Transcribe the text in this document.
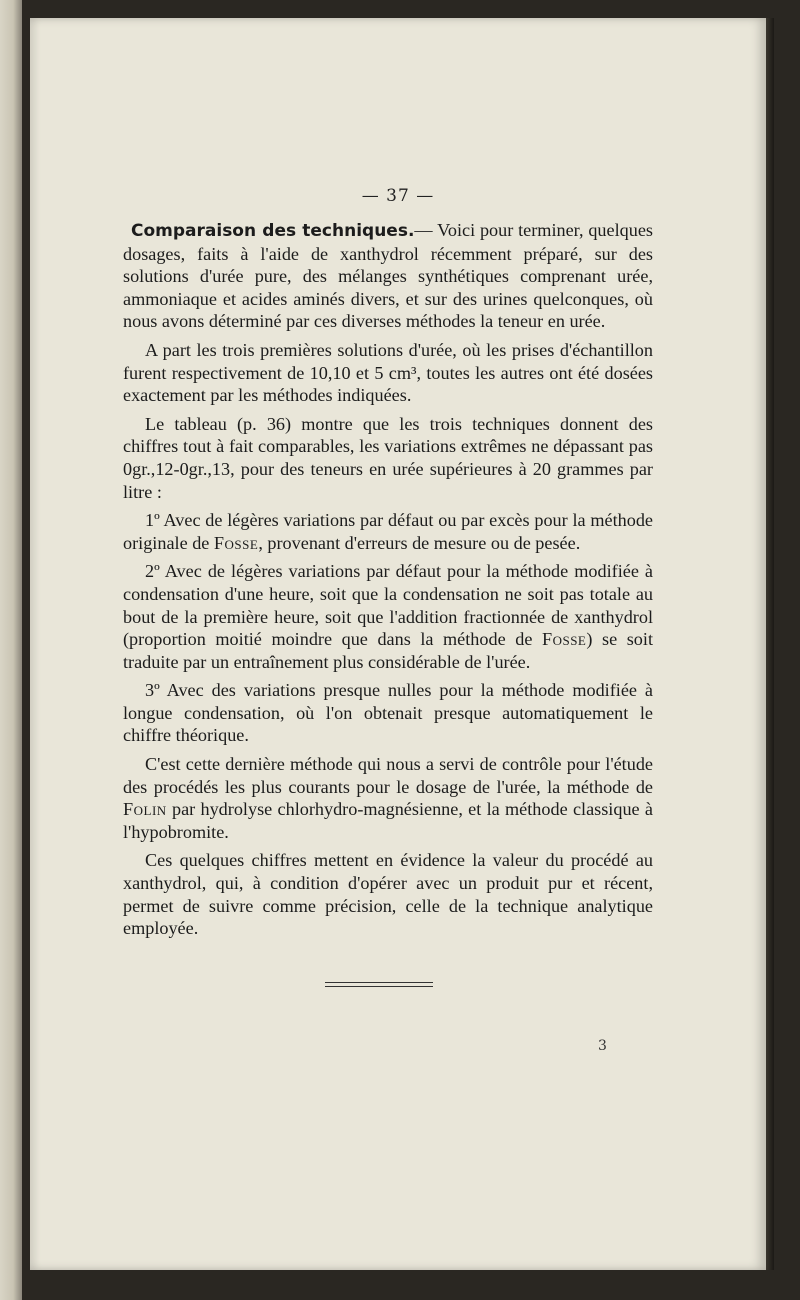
— 37 —

Comparaison des techniques.— Voici pour terminer, quelques dosages, faits à l'aide de xanthydrol récemment préparé, sur des solutions d'urée pure, des mélanges synthétiques comprenant urée, ammoniaque et acides aminés divers, et sur des urines quelconques, où nous avons déterminé par ces diverses méthodes la teneur en urée.

A part les trois premières solutions d'urée, où les prises d'échantillon furent respectivement de 10,10 et 5 cm³, toutes les autres ont été dosées exactement par les méthodes indiquées.

Le tableau (p. 36) montre que les trois techniques donnent des chiffres tout à fait comparables, les variations extrêmes ne dépassant pas 0gr.,12-0gr.,13, pour des teneurs en urée supérieures à 20 grammes par litre :

1º Avec de légères variations par défaut ou par excès pour la méthode originale de Fosse, provenant d'erreurs de mesure ou de pesée.

2º Avec de légères variations par défaut pour la méthode modifiée à condensation d'une heure, soit que la condensation ne soit pas totale au bout de la première heure, soit que l'addition fractionnée de xanthydrol (proportion moitié moindre que dans la méthode de Fosse) se soit traduite par un entraînement plus considérable de l'urée.

3º Avec des variations presque nulles pour la méthode modifiée à longue condensation, où l'on obtenait presque automatiquement le chiffre théorique.

C'est cette dernière méthode qui nous a servi de contrôle pour l'étude des procédés les plus courants pour le dosage de l'urée, la méthode de Folin par hydrolyse chlorhydro-magnésienne, et la méthode classique à l'hypobromite.

Ces quelques chiffres mettent en évidence la valeur du procédé au xanthydrol, qui, à condition d'opérer avec un produit pur et récent, permet de suivre comme précision, celle de la technique analytique employée.

3
